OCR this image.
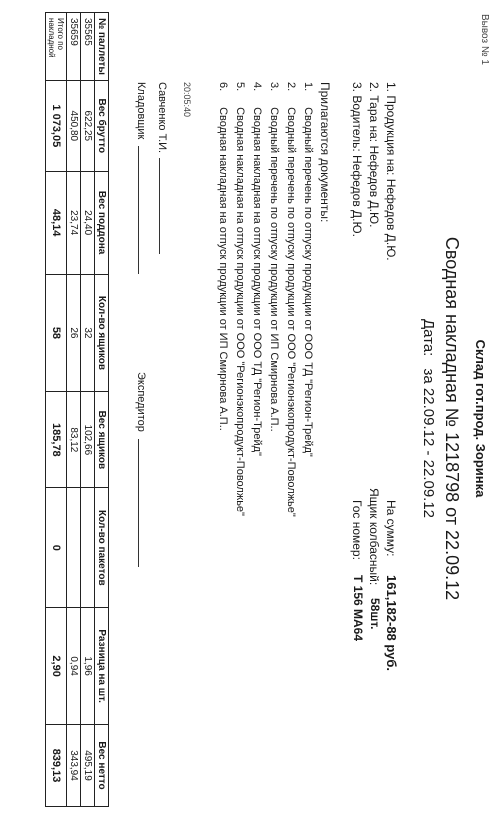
Вывоз № 1
Склад гот.прод. Зоринка
Сводная накладная № 1218798 от 22.09.12
Дата: за 22.09.12 - 22.09.12
1. Продукция на: Нефедов Д.Ю.
2. Тара на: Нефедов Д.Ю.
3. Водитель: Нефедов Д.Ю.
На сумму:
161,182-88 руб.
Ящик колбасный:
58шт.
Гос номер:
Т 156 МА64
Прилагаются документы:
1. Сводный перечень по отпуску продукции от ООО ТД "Регион-Трейд"
2. Сводный перечень по отпуску продукции от ООО "Регионэкопродукт-Поволжье"
3. Сводный перечень по отпуску продукции от ИП Смирнова А.П..
4. Сводная накладная на отпуск продукции от ООО ТД "Регион-Трейд"
5. Сводная накладная на отпуск продукции от ООО "Регионэкопродукт-Поволжье"
6. Сводная накладная на отпуск продукции от ИП Смирнова А.П..
20:05:40
Савченко Т.И.
Кладовщик
Экспедитор
№ паллеты	Вес брутто	Вес поддона	Кол-во ящиков	Вес ящиков	Кол-во пакетов	Разница на шт.	Вес нетто
35565	622,25	24,40	32	102,66		1,96	495,19
35659	450,80	23,74	26	83,12		0,94	343,94
Итого по накладной	1 073,05	48,14	58	185,78	0	2,90	839,13
